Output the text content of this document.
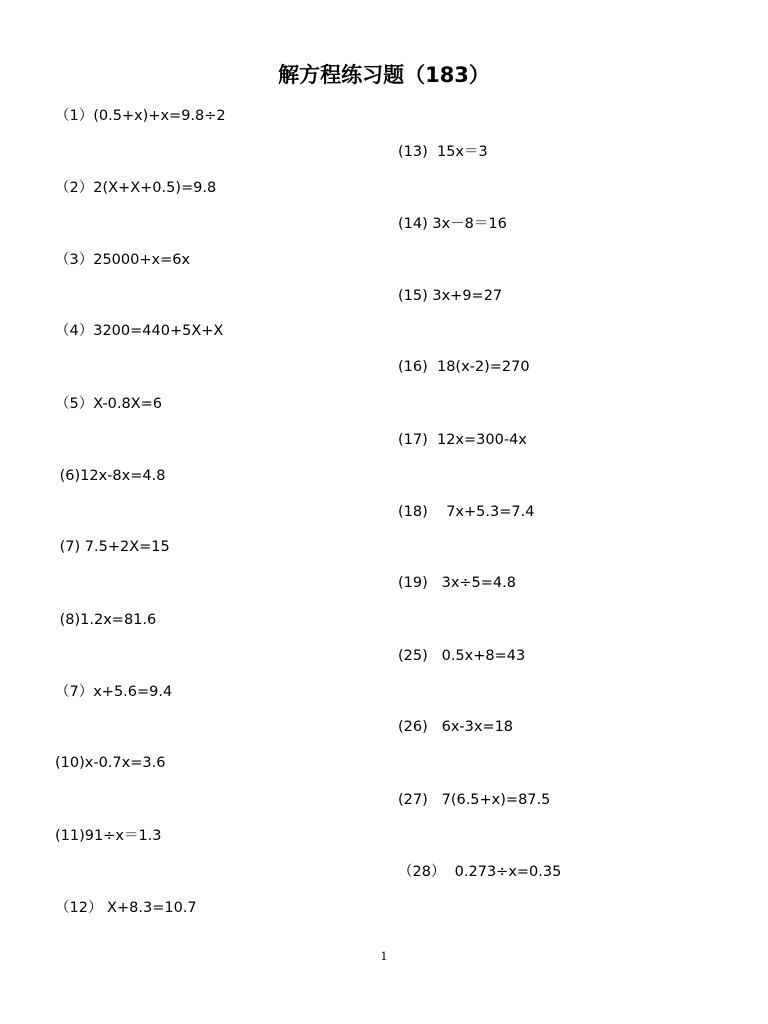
解方程练习题（183）
（1）(0.5+x)+x=9.8÷2
（2）2(X+X+0.5)=9.8
（3）25000+x=6x
（4）3200=440+5X+X
（5）X-0.8X=6
(6)12x-8x=4.8
(7) 7.5+2X=15
(8)1.2x=81.6
（7）x+5.6=9.4
(10)x-0.7x=3.6
(11)91÷x＝1.3
（12） X+8.3=10.7
(13)  15x＝3
(14) 3x－8＝16
(15) 3x+9=27
(16)  18(x-2)=270
(17)  12x=300-4x
(18)    7x+5.3=7.4
(19)   3x÷5=4.8
(25)   0.5x+8=43
(26)   6x-3x=18
(27)   7(6.5+x)=87.5
（28）  0.273÷x=0.35
1
